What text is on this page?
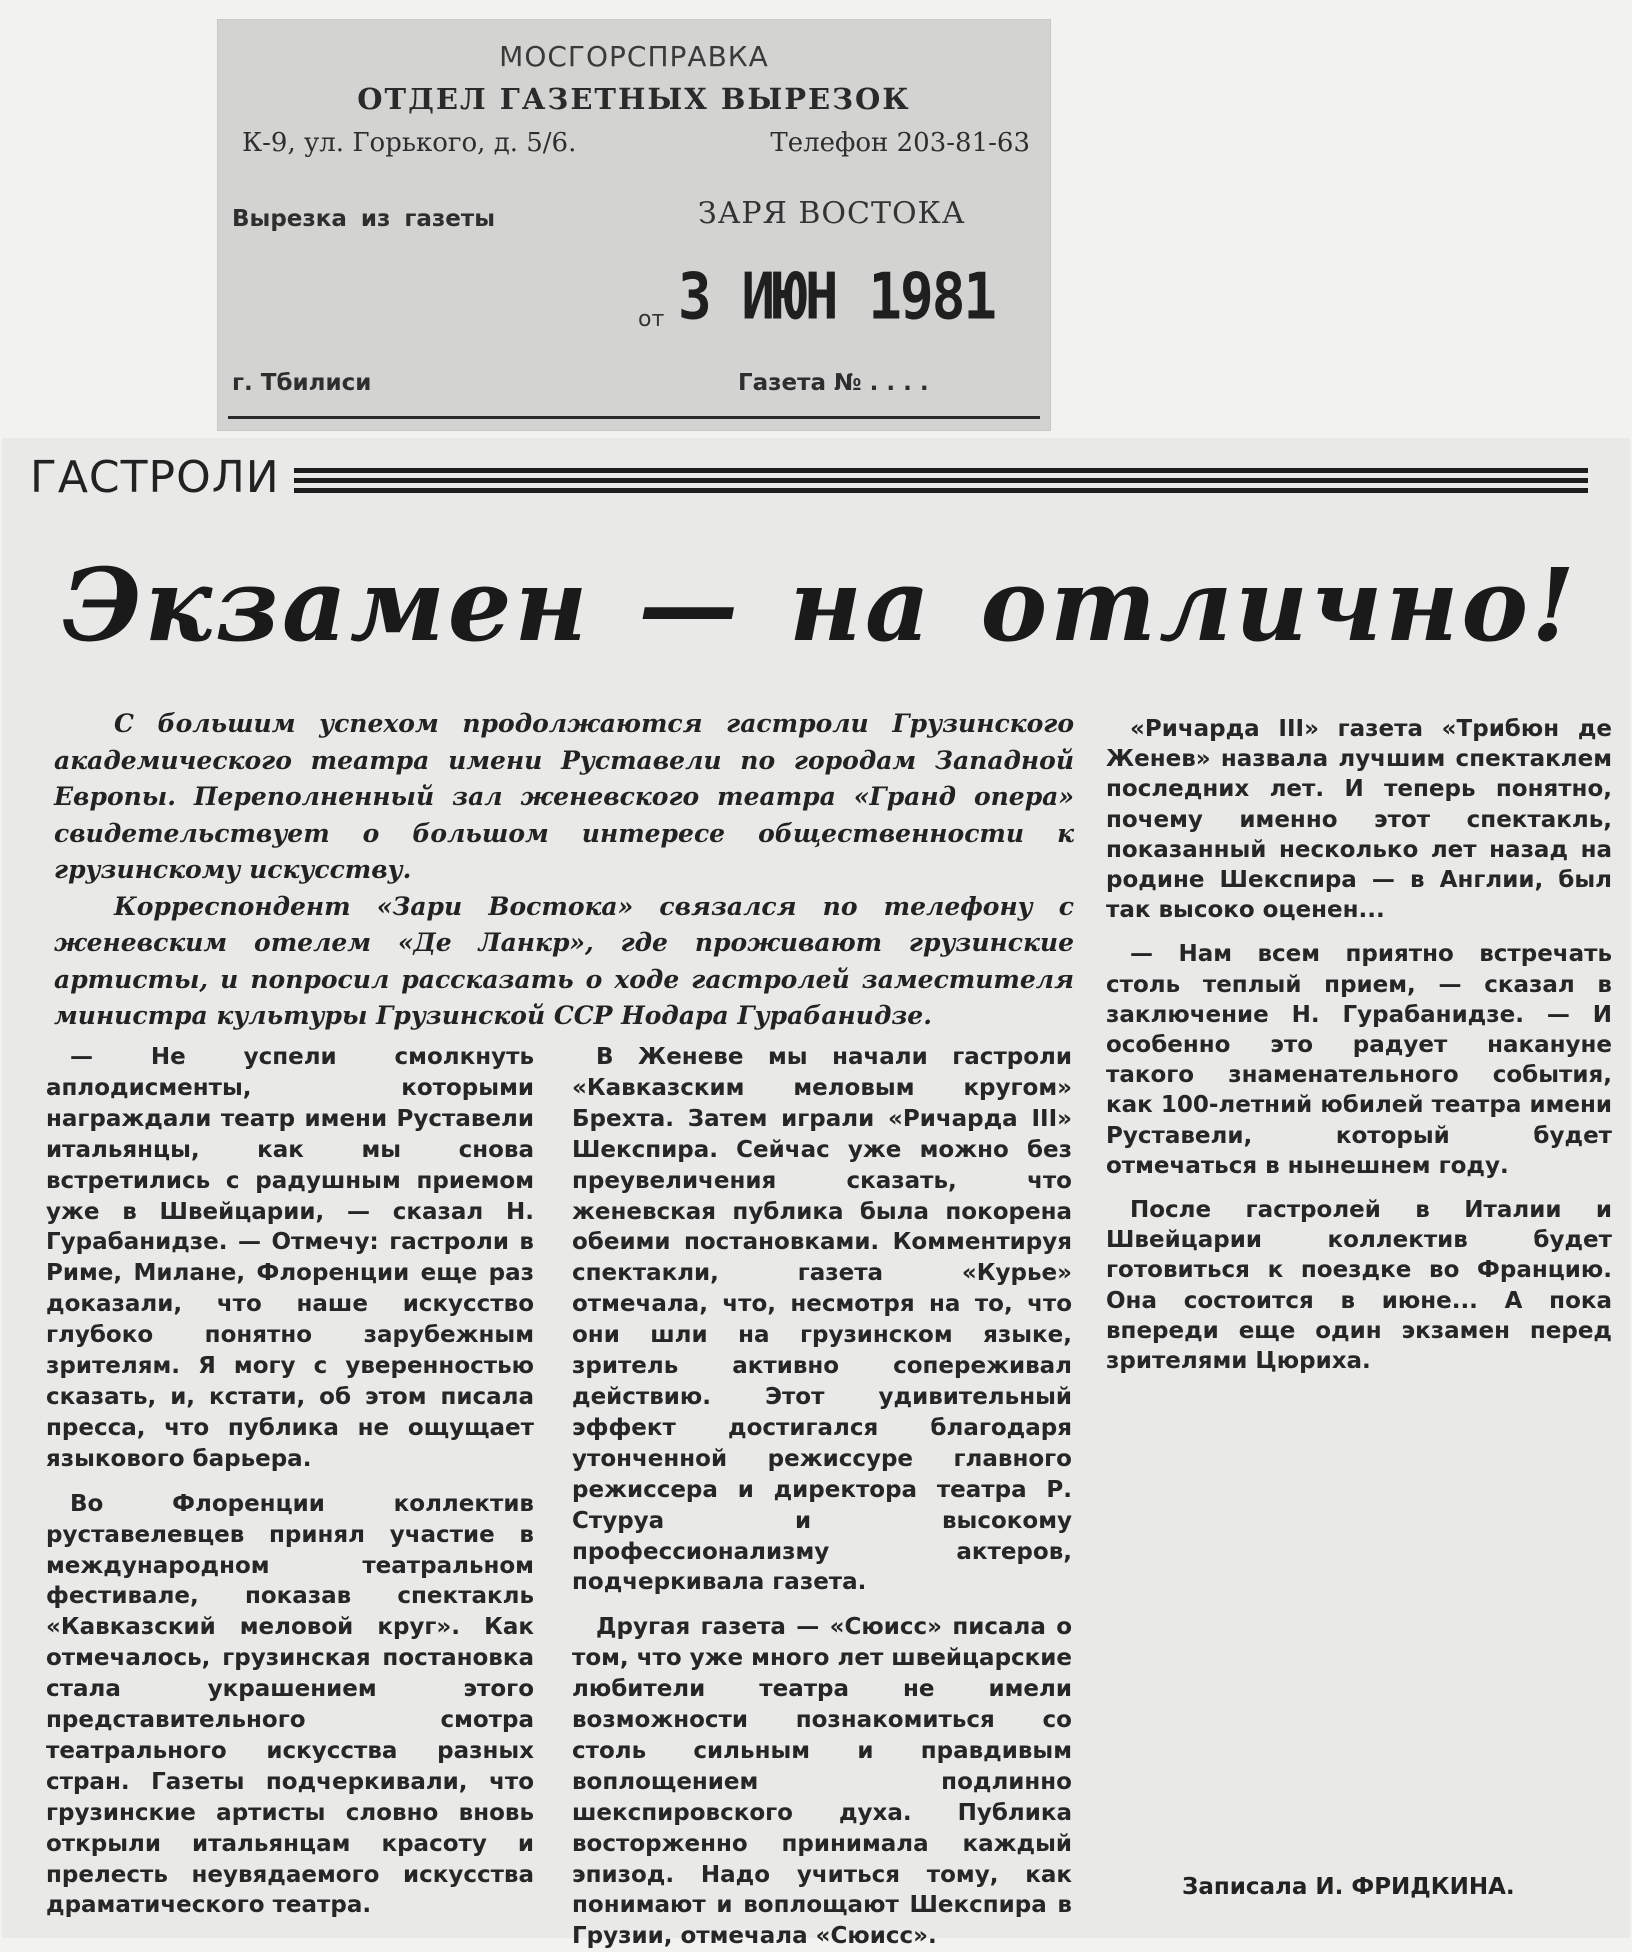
МОСГОРСПРАВКА
ОТДЕЛ ГАЗЕТНЫХ ВЫРЕЗОК
К-9, ул. Горького, д. 5/6.	Телефон 203-81-63
Вырезка из газеты	ЗАРЯ ВОСТОКА
от 3 ИЮН 1981
г. Тбилиси	Газета № . . . .
ГАСТРОЛИ
Экзамен — на отлично!

С большим успехом продолжаются гастроли Грузинского академического театра имени Руставели по городам Западной Европы. Переполненный зал женевского театра «Гранд опера» свидетельствует о большом интересе общественности к грузинскому искусству.

Корреспондент «Зари Востока» связался по телефону с женевским отелем «Де Ланкр», где проживают грузинские артисты, и попросил рассказать о ходе гастролей заместителя министра культуры Грузинской ССР Нодара Гурабанидзе.

— Не успели смолкнуть аплодисменты, которыми награждали театр имени Руставели итальянцы, как мы снова встретились с радушным приемом уже в Швейцарии, — сказал Н. Гурабанидзе. — Отмечу: гастроли в Риме, Милане, Флоренции еще раз доказали, что наше искусство глубоко понятно зарубежным зрителям. Я могу с уверенностью сказать, и, кстати, об этом писала пресса, что публика не ощущает языкового барьера.

Во Флоренции коллектив руставелевцев принял участие в международном театральном фестивале, показав спектакль «Кавказский меловой круг». Как отмечалось, грузинская постановка стала украшением этого представительного смотра театрального искусства разных стран. Газеты подчеркивали, что грузинские артисты словно вновь открыли итальянцам красоту и прелесть неувядаемого искусства драматического театра.

В Женеве мы начали гастроли «Кавказским меловым кругом» Брехта. Затем играли «Ричарда III» Шекспира. Сейчас уже можно без преувеличения сказать, что женевская публика была покорена обеими постановками. Комментируя спектакли, газета «Курье» отмечала, что, несмотря на то, что они шли на грузинском языке, зритель активно сопереживал действию. Этот удивительный эффект достигался благодаря утонченной режиссуре главного режиссера и директора театра Р. Стуруа и высокому профессионализму актеров, подчеркивала газета.

Другая газета — «Сюисс» писала о том, что уже много лет швейцарские любители театра не имели возможности познакомиться со столь сильным и правдивым воплощением подлинно шекспировского духа. Публика восторженно принимала каждый эпизод. Надо учиться тому, как понимают и воплощают Шекспира в Грузии, отмечала «Сюисс».

«Ричарда III» газета «Трибюн де Женев» назвала лучшим спектаклем последних лет. И теперь понятно, почему именно этот спектакль, показанный несколько лет назад на родине Шекспира — в Англии, был так высоко оценен...

— Нам всем приятно встречать столь теплый прием, — сказал в заключение Н. Гурабанидзе. — И особенно это радует накануне такого знаменательного события, как 100-летний юбилей театра имени Руставели, который будет отмечаться в нынешнем году.

После гастролей в Италии и Швейцарии коллектив будет готовиться к поездке во Францию. Она состоится в июне... А пока впереди еще один экзамен перед зрителями Цюриха.

Записала И. ФРИДКИНА.
